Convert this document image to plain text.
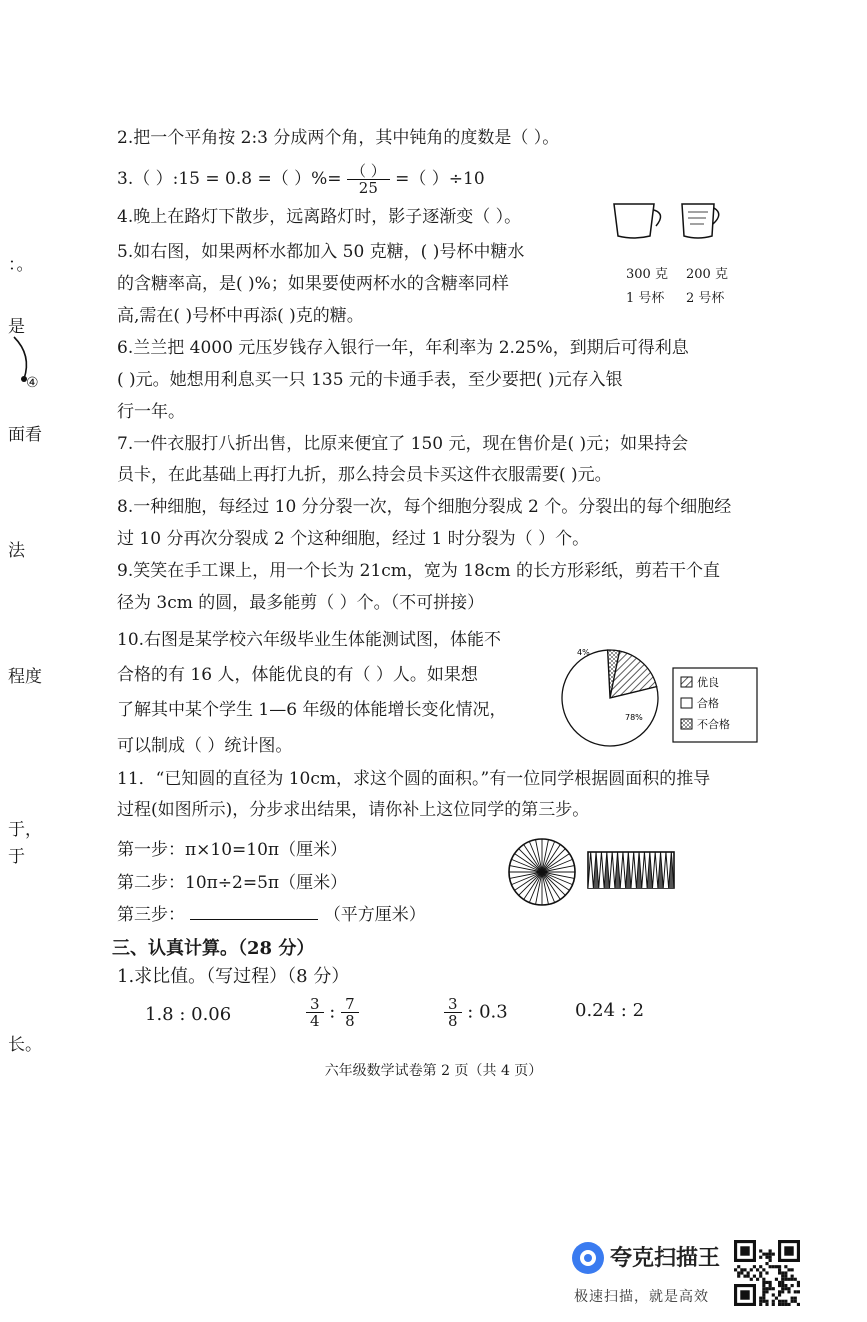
：。
是
④
面看
法
程度
于，
于
长。
2.把一个平角按 2:3 分成两个角，其中钝角的度数是（ ）。
3.（ ）:15 = 0.8 =（ ）%= $\frac{( )}{25}$ =（ ）÷10
4.晚上在路灯下散步，远离路灯时，影子逐渐变（ ）。
300 克 200 克
1 号杯 2 号杯
5.如右图，如果两杯水都加入 50 克糖，( )号杯中糖水
的含糖率高，是( )%；如果要使两杯水的含糖率同样
高,需在( )号杯中再添( )克的糖。
6.兰兰把 4000 元压岁钱存入银行一年，年利率为 2.25%，到期后可得利息
( )元。她想用利息买一只 135 元的卡通手表，至少要把( )元存入银
行一年。
7.一件衣服打八折出售，比原来便宜了 150 元，现在售价是( )元；如果持会
员卡，在此基础上再打九折，那么持会员卡买这件衣服需要( )元。
8.一种细胞，每经过 10 分分裂一次，每个细胞分裂成 2 个。分裂出的每个细胞经
过 10 分再次分裂成 2 个这种细胞，经过 1 时分裂为（ ）个。
9.笑笑在手工课上，用一个长为 21cm，宽为 18cm 的长方形彩纸，剪若干个直
径为 3cm 的圆，最多能剪（ ）个。（不可拼接）
10.右图是某学校六年级毕业生体能测试图，体能不
合格的有 16 人，体能优良的有（ ）人。如果想
了解其中某个学生 1—6 年级的体能增长变化情况，
可以制成（ ）统计图。
78%
4%
优良
合格
不合格
11．“已知圆的直径为 10cm，求这个圆的面积。”有一位同学根据圆面积的推导
过程(如图所示)，分步求出结果，请你补上这位同学的第三步。
第一步：π×10=10π（厘米）
第二步：10π÷2=5π（厘米）
第三步：	（平方厘米）
三、认真计算。（28 分）
1.求比值。（写过程）（8 分）
1.8 : 0.06	$\frac{3}{4}$ : $\frac{7}{8}$	$\frac{3}{8}$ : 0.3	0.24 : 2
六年级数学试卷第 2 页（共 4 页）
夸克扫描王
极速扫描，就是高效
